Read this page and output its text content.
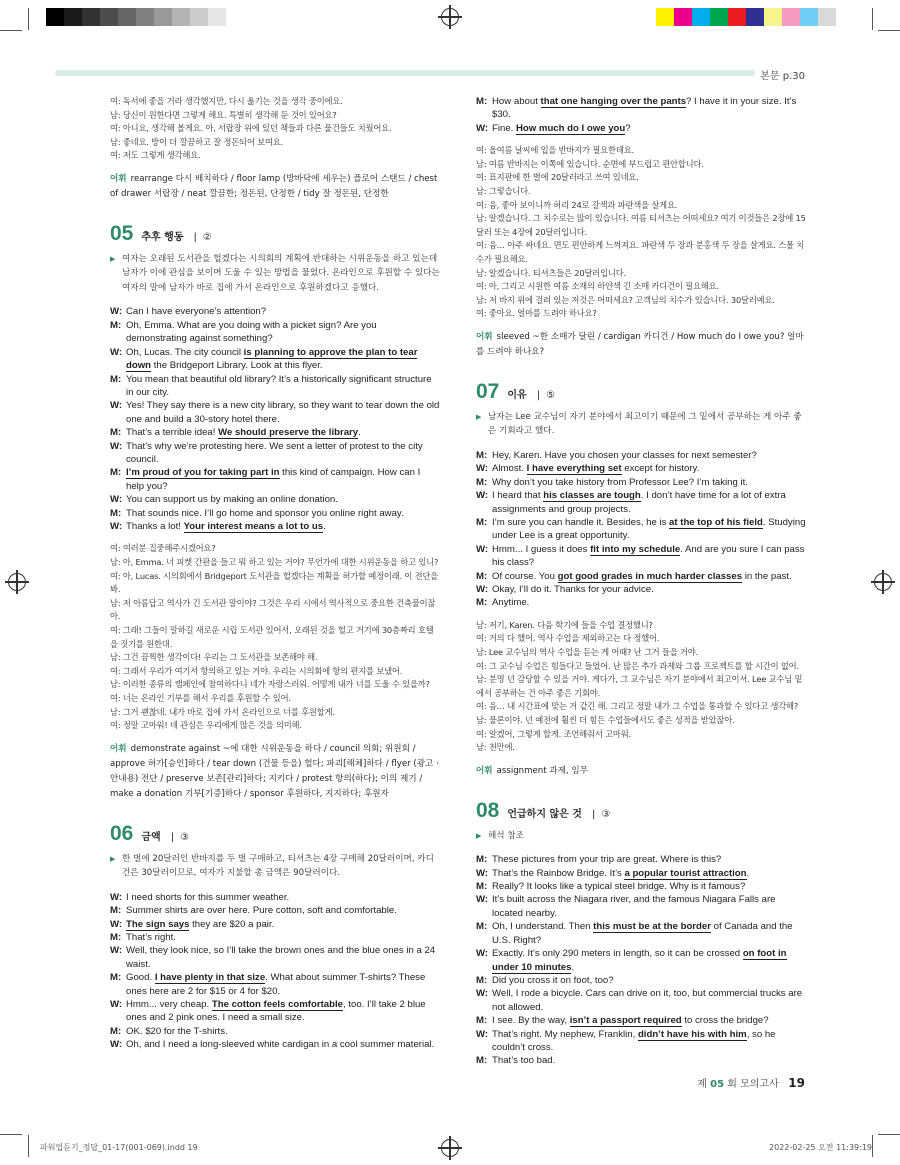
본문 p.30
여: 독서에 좋을 거라 생각했지만, 다시 옮기는 것을 생각 중이에요.
남: 당신이 원한다면 그렇게 해요. 특별히 생각해 둔 것이 있어요?
여: 아니요, 생각해 볼게요. 아, 서랍장 위에 있던 책들과 다른 물건들도 치웠어요.
남: 좋네요. 방이 더 깔끔하고 잘 정돈되어 보여요.
여: 저도 그렇게 생각해요.
어휘 rearrange 다시 배치하다 / floor lamp (방바닥에 세우는) 플로어 스탠드 / chest of drawer 서랍장 / neat 깔끔한; 정돈된, 단정한 / tidy 잘 정돈된, 단정한
05 추후 행동 | ②
▶ 여자는 오래된 도서관을 헐겠다는 시의회의 계획에 반대하는 시위운동을 하고 있는데 남자가 이에 관심을 보이며 도울 수 있는 방법을 물었다. 온라인으로 후원할 수 있다는 여자의 말에 남자가 바로 집에 가서 온라인으로 후원하겠다고 응했다.
W: Can I have everyone’s attention?
M: Oh, Emma. What are you doing with a picket sign? Are you demonstrating against something?
W: Oh, Lucas. The city council is planning to approve the plan to tear down the Bridgeport Library. Look at this flyer.
M: You mean that beautiful old library? It’s a historically significant structure in our city.
W: Yes! They say there is a new city library, so they want to tear down the old one and build a 30-story hotel there.
M: That’s a terrible idea! We should preserve the library.
W: That’s why we’re protesting here. We sent a letter of protest to the city council.
M: I’m proud of you for taking part in this kind of campaign. How can I help you?
W: You can support us by making an online donation.
M: That sounds nice. I’ll go home and sponsor you online right away.
W: Thanks a lot! Your interest means a lot to us.
여: 여러분 집중해주시겠어요?
남: 아, Emma. 너 피켓 간판을 들고 뭐 하고 있는 거야? 무언가에 대한 시위운동을 하고 있니?
여: 아, Lucas. 시의회에서 Bridgeport 도서관을 헐겠다는 계획을 허가할 예정이래. 이 전단을 봐.
남: 저 아름답고 역사가 긴 도서관 말이야? 그것은 우리 시에서 역사적으로 중요한 건축물이잖아.
여: 그래! 그들이 말하길 새로운 시립 도서관 있어서, 오래된 것을 헐고 거기에 30층짜리 호텔을 짓기를 원한대.
남: 그건 끔찍한 생각이다! 우리는 그 도서관을 보존해야 해.
여: 그래서 우리가 여기서 항의하고 있는 거야. 우리는 시의회에 항의 편지를 보냈어.
남: 이러한 종류의 캠페인에 참여하다니 네가 자랑스러워. 어떻게 내가 너를 도울 수 있을까?
여: 너는 온라인 기부를 해서 우리를 후원할 수 있어.
남: 그거 괜찮네. 내가 바로 집에 가서 온라인으로 너를 후원할게.
여: 정말 고마워! 네 관심은 우리에게 많은 것을 의미해.
어휘 demonstrate against ~에 대한 시위운동을 하다 / council 의회; 위원회 / approve 허가[승인]하다 / tear down (건물 등을) 헐다; 파괴[해체]하다 / flyer (광고 · 안내용) 전단 / preserve 보존[관리]하다; 지키다 / protest 항의(하다); 이의 제기 / make a donation 기부[기증]하다 / sponsor 후원하다, 지지하다; 후원자
06 금액 | ③
▶ 한 벌에 20달러인 반바지를 두 벌 구매하고, 티셔츠는 4장 구매해 20달러이며, 카디건은 30달러이므로, 여자가 지불할 총 금액은 90달러이다.
W: I need shorts for this summer weather.
M: Summer shirts are over here. Pure cotton, soft and comfortable.
W: The sign says they are $20 a pair.
M: That’s right.
W: Well, they look nice, so I’ll take the brown ones and the blue ones in a 24 waist.
M: Good. I have plenty in that size. What about summer T-shirts? These ones here are 2 for $15 or 4 for $20.
W: Hmm... very cheap. The cotton feels comfortable, too. I’ll take 2 blue ones and 2 pink ones. I need a small size.
M: OK. $20 for the T-shirts.
W: Oh, and I need a long-sleeved white cardigan in a cool summer material.
M: How about that one hanging over the pants? I have it in your size. It’s $30.
W: Fine. How much do I owe you?
여: 올여름 날씨에 입을 반바지가 필요한데요.
남: 여름 반바지는 이쪽에 있습니다. 순면에 부드럽고 편안합니다.
여: 표지판에 한 벌에 20달러라고 쓰여 있네요.
남: 그렇습니다.
여: 음, 좋아 보이니까 허리 24로 갈색과 파란색을 살게요.
남: 알겠습니다. 그 치수로는 많이 있습니다. 여름 티셔츠는 어떠세요? 여기 이것들은 2장에 15달러 또는 4장에 20달러입니다.
여: 음… 아주 싸네요. 면도 편안하게 느껴져요. 파란색 두 장과 분홍색 두 장을 살게요. 스몰 치수가 필요해요.
남: 알겠습니다. 티셔츠들은 20달러입니다.
여: 아, 그리고 시원한 여름 소재의 하얀색 긴 소매 카디건이 필요해요.
남: 저 바지 위에 걸려 있는 저것은 어떠세요? 고객님의 치수가 있습니다. 30달러예요.
여: 좋아요. 얼마를 드려야 하나요?
어휘 sleeved ~한 소매가 달린 / cardigan 카디건 / How much do I owe you? 얼마를 드려야 하나요?
07 이유 | ⑤
▶ 남자는 Lee 교수님이 자기 분야에서 최고이기 때문에 그 밑에서 공부하는 게 아주 좋은 기회라고 했다.
M: Hey, Karen. Have you chosen your classes for next semester?
W: Almost. I have everything set except for history.
M: Why don’t you take history from Professor Lee? I’m taking it.
W: I heard that his classes are tough. I don’t have time for a lot of extra assignments and group projects.
M: I’m sure you can handle it. Besides, he is at the top of his field. Studying under Lee is a great opportunity.
W: Hmm... I guess it does fit into my schedule. And are you sure I can pass his class?
M: Of course. You got good grades in much harder classes in the past.
W: Okay, I’ll do it. Thanks for your advice.
M: Anytime.
남: 저기, Karen. 다음 학기에 들을 수업 결정했니?
여: 거의 다 했어. 역사 수업을 제외하고는 다 정했어.
남: Lee 교수님의 역사 수업을 듣는 게 어때? 난 그거 들을 거야.
여: 그 교수님 수업은 힘들다고 들었어. 난 많은 추가 과제와 그룹 프로젝트를 할 시간이 없어.
남: 분명 넌 감당할 수 있을 거야. 게다가, 그 교수님은 자기 분야에서 최고이셔. Lee 교수님 밑에서 공부하는 건 아주 좋은 기회야.
여: 음… 내 시간표에 맞는 거 같긴 해. 그리고 정말 내가 그 수업을 통과할 수 있다고 생각해?
남: 물론이야. 넌 예전에 훨씬 더 힘든 수업들에서도 좋은 성적을 받았잖아.
여: 알겠어, 그렇게 할게. 조언해줘서 고마워.
남: 천만에.
어휘 assignment 과제, 임무
08 언급하지 않은 것 | ③
▶ 해석 참조
M: These pictures from your trip are great. Where is this?
W: That’s the Rainbow Bridge. It’s a popular tourist attraction.
M: Really? It looks like a typical steel bridge. Why is it famous?
W: It’s built across the Niagara river, and the famous Niagara Falls are located nearby.
M: Oh, I understand. Then this must be at the border of Canada and the U.S. Right?
W: Exactly. It’s only 290 meters in length, so it can be crossed on foot in under 10 minutes.
M: Did you cross it on foot, too?
W: Well, I rode a bicycle. Cars can drive on it, too, but commercial trucks are not allowed.
M: I see. By the way, isn’t a passport required to cross the bridge?
W: That’s right. My nephew, Franklin, didn’t have his with him, so he couldn’t cross.
M: That’s too bad.
제 05 회 모의고사 19
파워업듣기_정답_01-17(001-069).indd 19	2022-02-25 오전 11:39:19
